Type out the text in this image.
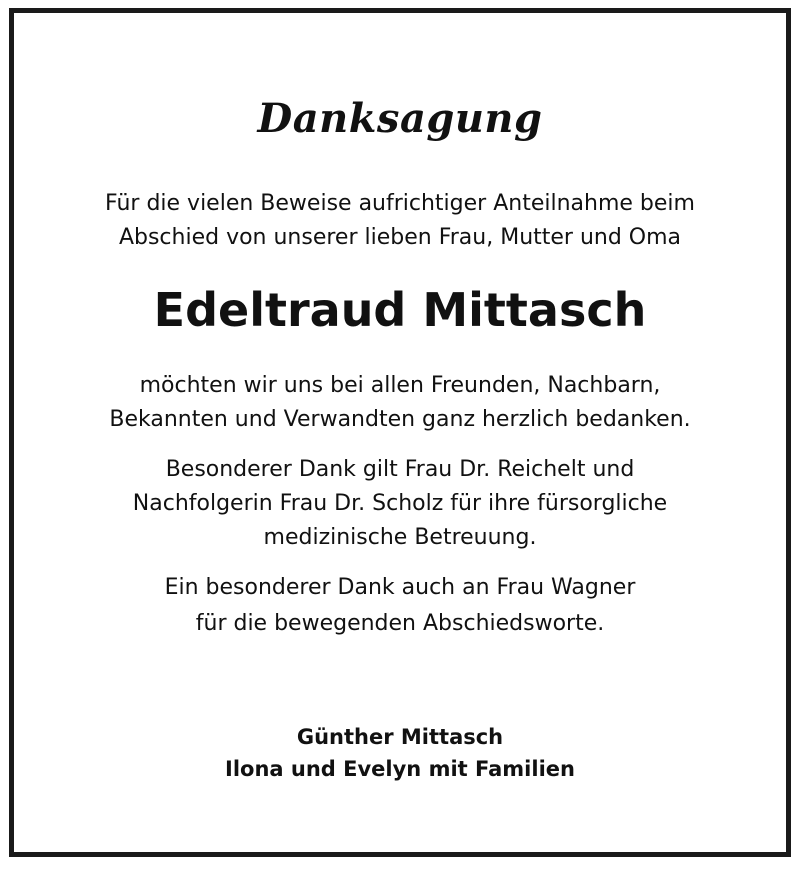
Danksagung
Für die vielen Beweise aufrichtiger Anteilnahme beim
Abschied von unserer lieben Frau, Mutter und Oma
Edeltraud Mittasch
möchten wir uns bei allen Freunden, Nachbarn,
Bekannten und Verwandten ganz herzlich bedanken.
Besonderer Dank gilt Frau Dr. Reichelt und
Nachfolgerin Frau Dr. Scholz für ihre fürsorgliche
medizinische Betreuung.
Ein besonderer Dank auch an Frau Wagner
für die bewegenden Abschiedsworte.
Günther Mittasch
Ilona und Evelyn mit Familien
